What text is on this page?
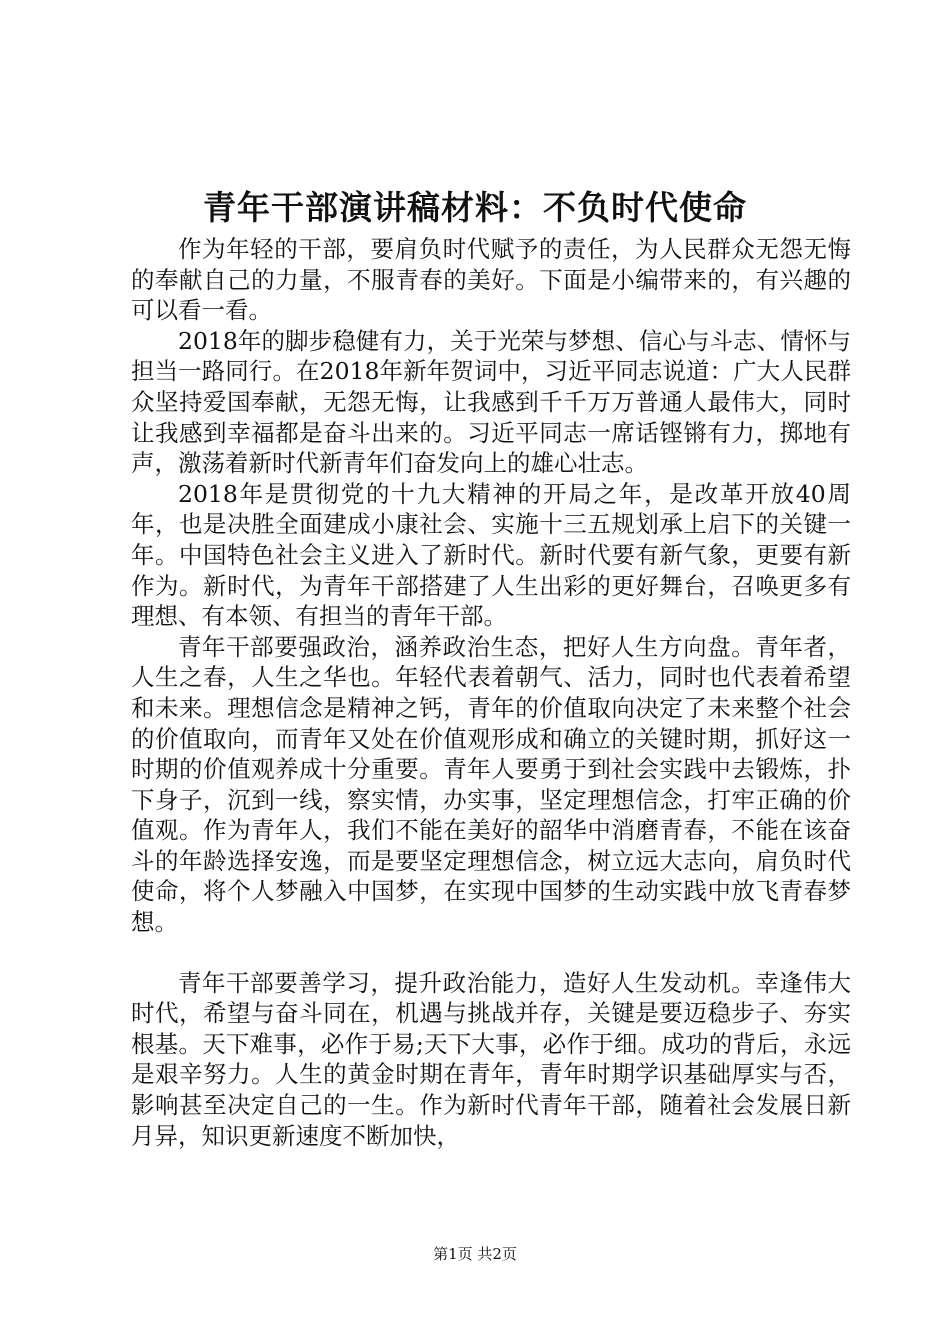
青年干部演讲稿材料：不负时代使命

作为年轻的干部，要肩负时代赋予的责任，为人民群众无怨无悔的奉献自己的力量，不服青春的美好。下面是小编带来的，有兴趣的可以看一看。

2018年的脚步稳健有力，关于光荣与梦想、信心与斗志、情怀与担当一路同行。在2018年新年贺词中，习近平同志说道：广大人民群众坚持爱国奉献，无怨无悔，让我感到千千万万普通人最伟大，同时让我感到幸福都是奋斗出来的。习近平同志一席话铿锵有力，掷地有声，激荡着新时代新青年们奋发向上的雄心壮志。

2018年是贯彻党的十九大精神的开局之年，是改革开放40周年，也是决胜全面建成小康社会、实施十三五规划承上启下的关键一年。中国特色社会主义进入了新时代。新时代要有新气象，更要有新作为。新时代，为青年干部搭建了人生出彩的更好舞台，召唤更多有理想、有本领、有担当的青年干部。

青年干部要强政治，涵养政治生态，把好人生方向盘。青年者，人生之春，人生之华也。年轻代表着朝气、活力，同时也代表着希望和未来。理想信念是精神之钙，青年的价值取向决定了未来整个社会的价值取向，而青年又处在价值观形成和确立的关键时期，抓好这一时期的价值观养成十分重要。青年人要勇于到社会实践中去锻炼，扑下身子，沉到一线，察实情，办实事，坚定理想信念，打牢正确的价值观。作为青年人，我们不能在美好的韶华中消磨青春，不能在该奋斗的年龄选择安逸，而是要坚定理想信念，树立远大志向，肩负时代使命，将个人梦融入中国梦，在实现中国梦的生动实践中放飞青春梦想。

青年干部要善学习，提升政治能力，造好人生发动机。幸逢伟大时代，希望与奋斗同在，机遇与挑战并存，关键是要迈稳步子、夯实根基。天下难事，必作于易;天下大事，必作于细。成功的背后，永远是艰辛努力。人生的黄金时期在青年，青年时期学识基础厚实与否，影响甚至决定自己的一生。作为新时代青年干部，随着社会发展日新月异，知识更新速度不断加快，

第1页 共2页
